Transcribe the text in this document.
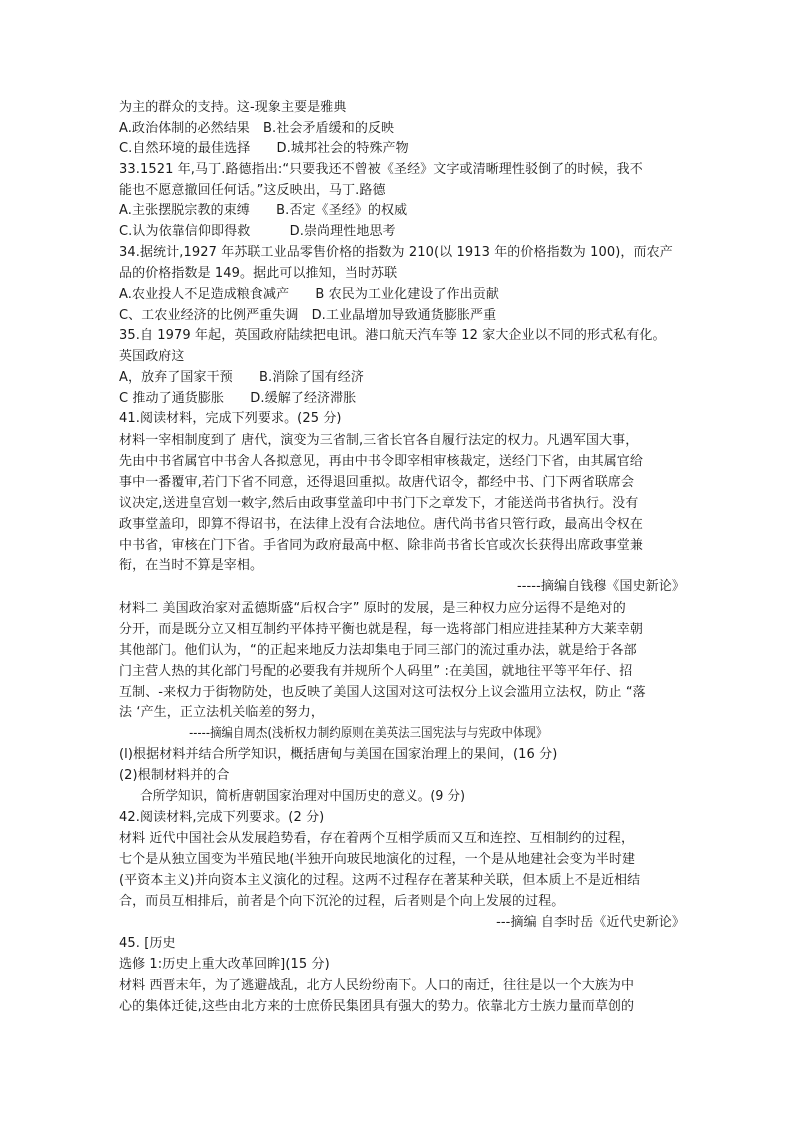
为主的群众的支持。这-现象主要是雅典
A.政治体制的必然结果　B.社会矛盾缓和的反映
C.自然环境的最佳选择　　D.城邦社会的特殊产物
33.1521 年,马丁.路德指出:“只要我还不曾被《圣经》文字或清晰理性驳倒了的时候，我不
能也不愿意撤回任何话。”这反映出，马丁.路德
A.主张摆脱宗教的束缚　　B.否定《圣经》的权威
C.认为依靠信仰即得救　　　D.崇尚理性地思考
34.据统计,1927 年苏联工业品零售价格的指数为 210(以 1913 年的价格指数为 100)，而农产
品的价格指数是 149。据此可以推知，当时苏联
A.农业投人不足造成粮食减产　　B 农民为工业化建设了作出贡献
C、工农业经济的比例严重失调　D.工业晶增加导致通货膨胀严重
35.自 1979 年起，英国政府陆续把电讯。港口航天汽车等 12 家大企业以不同的形式私有化。
英国政府这
A，放弃了国家干预　　B.消除了国有经济
C 推动了通货膨胀　　D.缓解了经济滞胀
41.阅读材料，完成下列要求。(25 分)
材料一宰相制度到了 唐代，演变为三省制,三省长官各自履行法定的权力。凡遇军国大事，
先由中书省属官中书舍人各拟意见，再由中书令即宰相审核裁定，送经门下省，由其属官给
事中一番覆审,若门下省不同意，还得退回重拟。故唐代诏令，都经中书、门下两省联席会
议决定,送进皇宫划一敕字,然后由政事堂盖印中书门下之章发下，才能送尚书省执行。没有
政事堂盖印，即算不得诏书，在法律上没有合法地位。唐代尚书省只管行政，最高出令权在
中书省，审核在门下省。手省同为政府最高中枢、除非尚书省长官或次长获得出席政事堂兼
衔，在当时不算是宰相。
-----摘编自钱穆《国史新论》
材料二 美国政治家对孟德斯盛“后权合字” 原时的发展，是三种权力应分运得不是绝对的
分开，而是既分立又相互制约平体持平衡也就是程，每一选将部门相应进挂某种方大莱幸朝
其他部门。他们认为，“的正起来地反力法却集电于同三部门的流过重办法，就是给于各部
门主营人热的其化部门号配的必要我有并规所个人码里” :在美国，就地往平等平年仔、招
互制、-来权力于街物防处，也反映了美国人这国对这可法权分上议会滥用立法权，防止 “落
法 ‘产生，正立法机关临差的努力，
-----摘编自周杰(浅析权力制约原则在美英法三国宪法与与宪政中体现》
(l)根据材料并结合所学知识，概括唐甸与美国在国家治理上的果间，(16 分)
(2)根制材料并的合
合所学知识，简析唐朝国家治理对中国历史的意义。(9 分)
42.阅读材料,完成下列要求。(2 分)
材料 近代中国社会从发展趋势看，存在着两个互相学质而又互和连控、互相制约的过程，
七个是从独立国变为半殖民地(半独开向玻民地演化的过程，一个是从地建社会变为半时建
(平资本主义)并向资本主义演化的过程。这两不过程存在著某种关联，但本质上不是近相结
合，而员互相排后，前者是个向下沉沦的过程，后者则是个向上发展的过程。
---摘编 自李时岳《近代史新论》
45. [历史
选修 1:历史上重大改革回眸](15 分)
材料 西晋末年，为了逃避战乱，北方人民纷纷南下。人口的南迁，往往是以一个大族为中
心的集体迁徒,这些由北方来的士庶侨民集团具有强大的势力。依靠北方士族力量而草创的
